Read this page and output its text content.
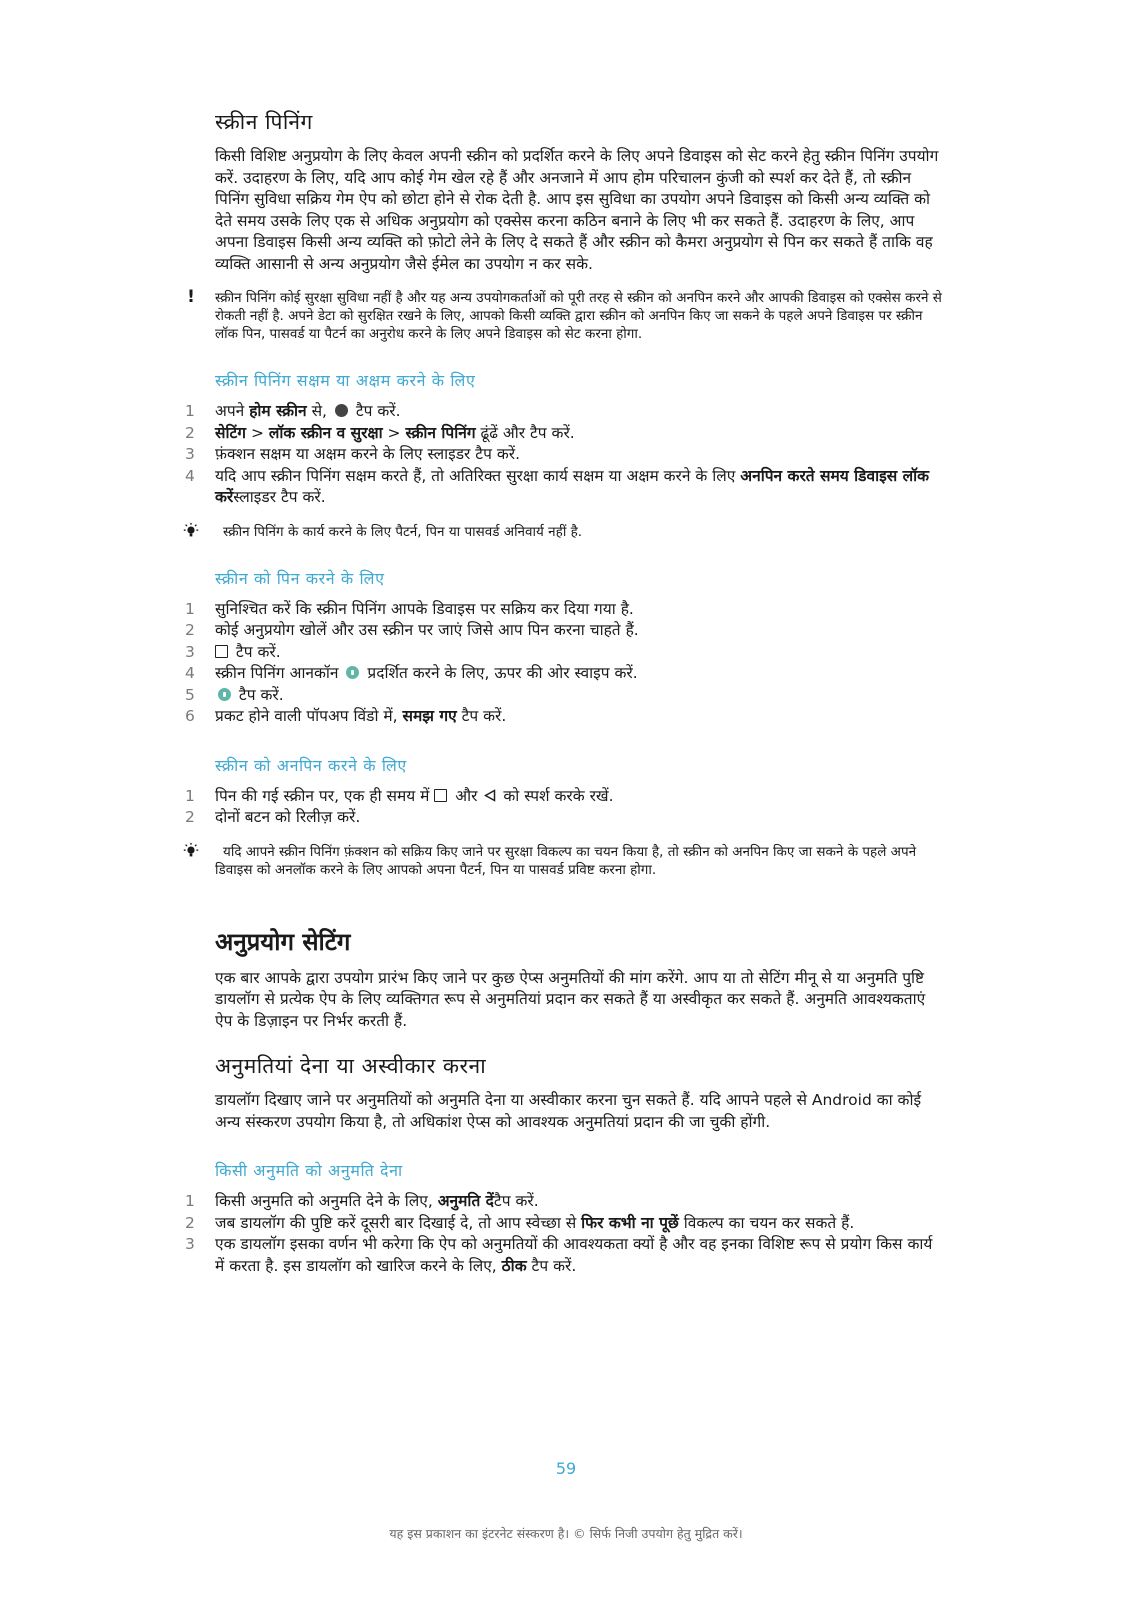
स्क्रीन पिनिंग

किसी विशिष्ट अनुप्रयोग के लिए केवल अपनी स्क्रीन को प्रदर्शित करने के लिए अपने डिवाइस को सेट करने हेतु स्क्रीन पिनिंग उपयोग करें. उदाहरण के लिए, यदि आप कोई गेम खेल रहे हैं और अनजाने में आप होम परिचालन कुंजी को स्पर्श कर देते हैं, तो स्क्रीन पिनिंग सुविधा सक्रिय गेम ऐप को छोटा होने से रोक देती है. आप इस सुविधा का उपयोग अपने डिवाइस को किसी अन्य व्यक्ति को देते समय उसके लिए एक से अधिक अनुप्रयोग को एक्सेस करना कठिन बनाने के लिए भी कर सकते हैं. उदाहरण के लिए, आप अपना डिवाइस किसी अन्य व्यक्ति को फ़ोटो लेने के लिए दे सकते हैं और स्क्रीन को कैमरा अनुप्रयोग से पिन कर सकते हैं ताकि वह व्यक्ति आसानी से अन्य अनुप्रयोग जैसे ईमेल का उपयोग न कर सके.

!	स्क्रीन पिनिंग कोई सुरक्षा सुविधा नहीं है और यह अन्य उपयोगकर्ताओं को पूरी तरह से स्क्रीन को अनपिन करने और आपकी डिवाइस को एक्सेस करने से रोकती नहीं है. अपने डेटा को सुरक्षित रखने के लिए, आपको किसी व्यक्ति द्वारा स्क्रीन को अनपिन किए जा सकने के पहले अपने डिवाइस पर स्क्रीन लॉक पिन, पासवर्ड या पैटर्न का अनुरोध करने के लिए अपने डिवाइस को सेट करना होगा.
स्क्रीन पिनिंग सक्षम या अक्षम करने के लिए
1 अपने होम स्क्रीन से,  टैप करें.
2 सेटिंग > लॉक स्क्रीन व सुरक्षा > स्क्रीन पिनिंग ढूंढें और टैप करें.
3 फ़ंक्शन सक्षम या अक्षम करने के लिए स्लाइडर टैप करें.
4 यदि आप स्क्रीन पिनिंग सक्षम करते हैं, तो अतिरिक्त सुरक्षा कार्य सक्षम या अक्षम करने के लिए अनपिन करते समय डिवाइस लॉक करेंस्लाइडर टैप करें.
स्क्रीन पिनिंग के कार्य करने के लिए पैटर्न, पिन या पासवर्ड अनिवार्य नहीं है.
स्क्रीन को पिन करने के लिए
1 सुनिश्चित करें कि स्क्रीन पिनिंग आपके डिवाइस पर सक्रिय कर दिया गया है.
2 कोई अनुप्रयोग खोलें और उस स्क्रीन पर जाएं जिसे आप पिन करना चाहते हैं.
3 टैप करें.
4 स्क्रीन पिनिंग आनकॉन  प्रदर्शित करने के लिए, ऊपर की ओर स्वाइप करें.
5	टैप करें.
6 प्रकट होने वाली पॉपअप विंडो में, समझ गए टैप करें.
स्क्रीन को अनपिन करने के लिए
1 पिन की गई स्क्रीन पर, एक ही समय में  और  को स्पर्श करके रखें.
2 दोनों बटन को रिलीज़ करें.
यदि आपने स्क्रीन पिनिंग फ़ंक्शन को सक्रिय किए जाने पर सुरक्षा विकल्प का चयन किया है, तो स्क्रीन को अनपिन किए जा सकने के पहले अपने डिवाइस को अनलॉक करने के लिए आपको अपना पैटर्न, पिन या पासवर्ड प्रविष्ट करना होगा.
अनुप्रयोग सेटिंग

एक बार आपके द्वारा उपयोग प्रारंभ किए जाने पर कुछ ऐप्स अनुमतियों की मांग करेंगे. आप या तो सेटिंग मीनू से या अनुमति पुष्टि डायलॉग से प्रत्येक ऐप के लिए व्यक्तिगत रूप से अनुमतियां प्रदान कर सकते हैं या अस्वीकृत कर सकते हैं. अनुमति आवश्यकताएं ऐप के डिज़ाइन पर निर्भर करती हैं.

अनुमतियां देना या अस्वीकार करना

डायलॉग दिखाए जाने पर अनुमतियों को अनुमति देना या अस्वीकार करना चुन सकते हैं. यदि आपने पहले से Android का कोई अन्य संस्करण उपयोग किया है, तो अधिकांश ऐप्स को आवश्यक अनुमतियां प्रदान की जा चुकी होंगी.

किसी अनुमति को अनुमति देना
1 किसी अनुमति को अनुमति देने के लिए, अनुमति देंटैप करें.
2 जब डायलॉग की पुष्टि करें दूसरी बार दिखाई दे, तो आप स्वेच्छा से फिर कभी ना पूछें विकल्प का चयन कर सकते हैं.
3 एक डायलॉग इसका वर्णन भी करेगा कि ऐप को अनुमतियों की आवश्यकता क्यों है और वह इनका विशिष्ट रूप से प्रयोग किस कार्य में करता है. इस डायलॉग को खारिज करने के लिए, ठीक टैप करें.
59
यह इस प्रकाशन का इंटरनेट संस्करण है। © सिर्फ निजी उपयोग हेतु मुद्रित करें।
